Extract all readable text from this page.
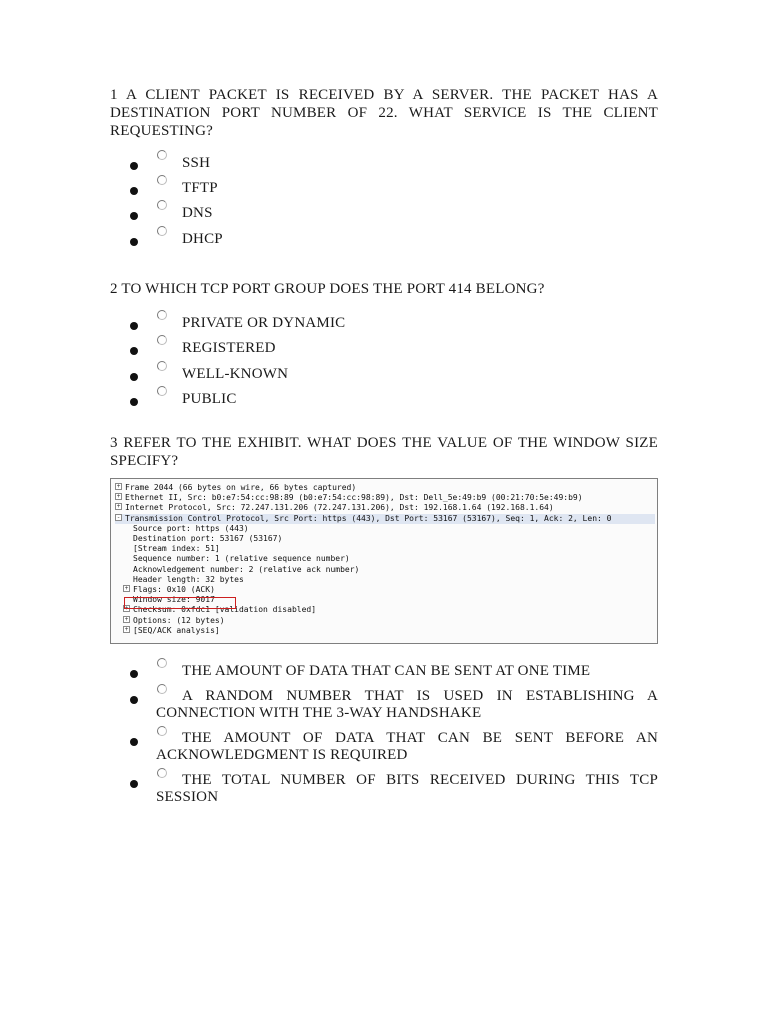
1 A CLIENT PACKET IS RECEIVED BY A SERVER. THE PACKET HAS A DESTINATION PORT NUMBER OF 22. WHAT SERVICE IS THE CLIENT REQUESTING?
SSH
TFTP
DNS
DHCP
2 TO WHICH TCP PORT GROUP DOES THE PORT 414 BELONG?
PRIVATE OR DYNAMIC
REGISTERED
WELL-KNOWN
PUBLIC
3 REFER TO THE EXHIBIT. WHAT DOES THE VALUE OF THE WINDOW SIZE SPECIFY?
+ Frame 2044 (66 bytes on wire, 66 bytes captured)
+ Ethernet II, Src: b0:e7:54:cc:98:89 (b0:e7:54:cc:98:89), Dst: Dell_5e:49:b9 (00:21:70:5e:49:b9)
+ Internet Protocol, Src: 72.247.131.206 (72.247.131.206), Dst: 192.168.1.64 (192.168.1.64)
- Transmission Control Protocol, Src Port: https (443), Dst Port: 53167 (53167), Seq: 1, Ack: 2, Len: 0
Source port: https (443)
Destination port: 53167 (53167)
[Stream index: 51]
Sequence number: 1 (relative sequence number)
Acknowledgement number: 2 (relative ack number)
Header length: 32 bytes
+ Flags: 0x10 (ACK)
Window size: 9017
+ Checksum: 0xfdc1 [validation disabled]
+ Options: (12 bytes)
+ [SEQ/ACK analysis]
THE AMOUNT OF DATA THAT CAN BE SENT AT ONE TIME
A RANDOM NUMBER THAT IS USED IN ESTABLISHING A CONNECTION WITH THE 3-WAY HANDSHAKE
THE AMOUNT OF DATA THAT CAN BE SENT BEFORE AN ACKNOWLEDGMENT IS REQUIRED
THE TOTAL NUMBER OF BITS RECEIVED DURING THIS TCP SESSION
